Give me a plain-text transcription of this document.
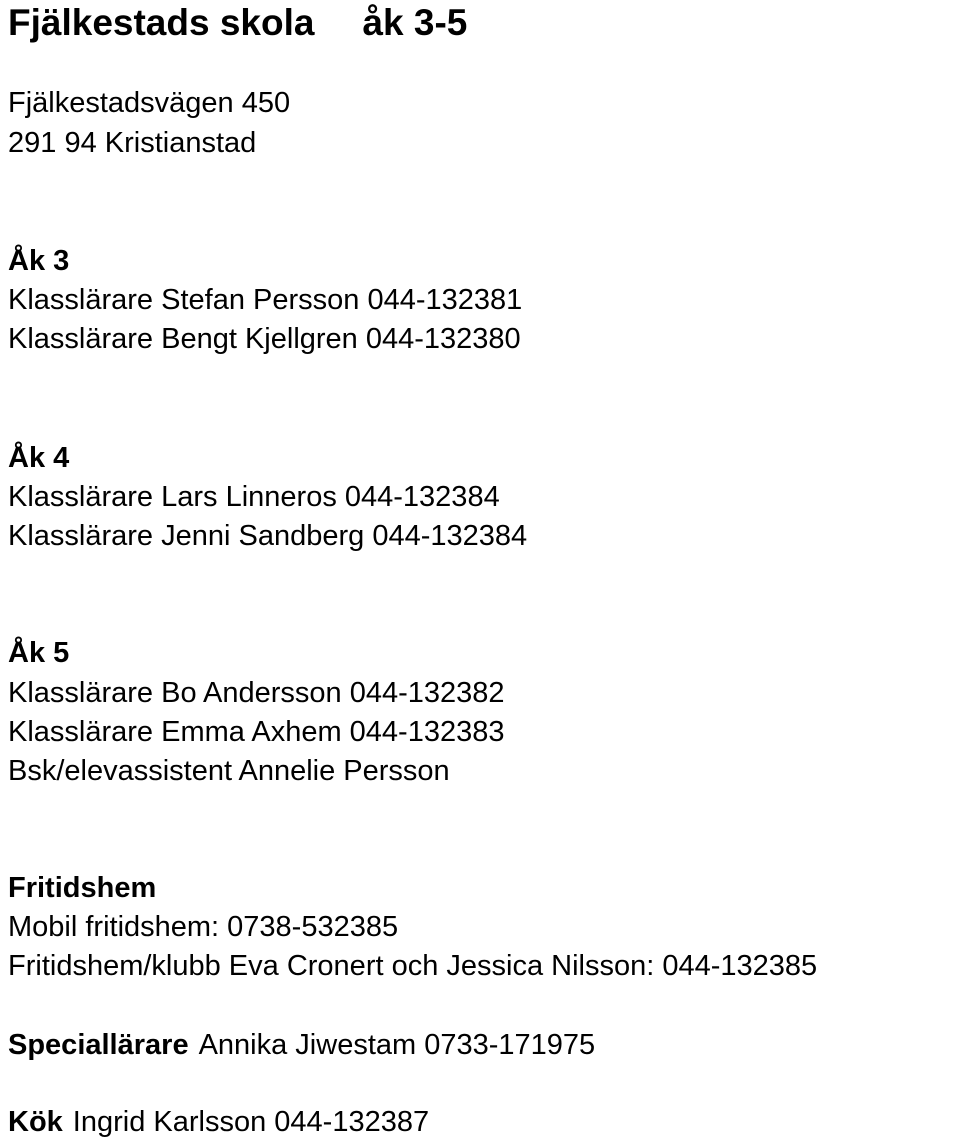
Fjälkestads skola åk 3-5
Fjälkestadsvägen 450
291 94 Kristianstad
Åk 3
Klasslärare Stefan Persson 044-132381
Klasslärare Bengt Kjellgren 044-132380
Åk 4
Klasslärare Lars Linneros 044-132384
Klasslärare Jenni Sandberg 044-132384
Åk 5
Klasslärare Bo Andersson 044-132382
Klasslärare Emma Axhem 044-132383
Bsk/elevassistent Annelie Persson
Fritidshem
Mobil fritidshem: 0738-532385
Fritidshem/klubb Eva Cronert och Jessica Nilsson: 044-132385
Speciallärare Annika Jiwestam 0733-171975
Kök Ingrid Karlsson 044-132387
